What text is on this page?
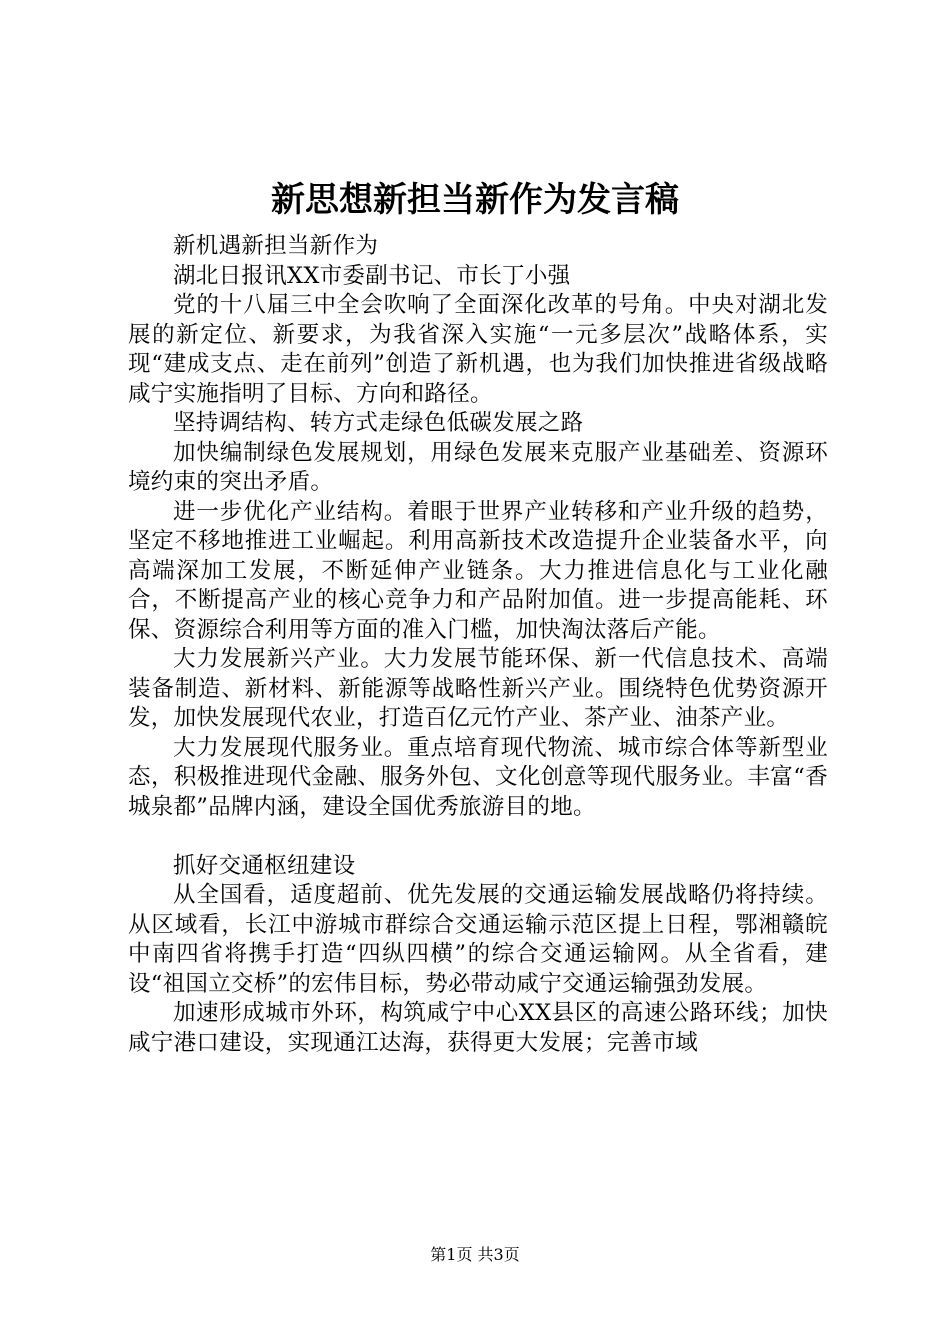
新思想新担当新作为发言稿

新机遇新担当新作为

湖北日报讯XX市委副书记、市长丁小强

党的十八届三中全会吹响了全面深化改革的号角。中央对湖北发展的新定位、新要求，为我省深入实施“一元多层次”战略体系，实现“建成支点、走在前列”创造了新机遇，也为我们加快推进省级战略咸宁实施指明了目标、方向和路径。

坚持调结构、转方式走绿色低碳发展之路

加快编制绿色发展规划，用绿色发展来克服产业基础差、资源环境约束的突出矛盾。

进一步优化产业结构。着眼于世界产业转移和产业升级的趋势，坚定不移地推进工业崛起。利用高新技术改造提升企业装备水平，向高端深加工发展，不断延伸产业链条。大力推进信息化与工业化融合，不断提高产业的核心竞争力和产品附加值。进一步提高能耗、环保、资源综合利用等方面的准入门槛，加快淘汰落后产能。

大力发展新兴产业。大力发展节能环保、新一代信息技术、高端装备制造、新材料、新能源等战略性新兴产业。围绕特色优势资源开发，加快发展现代农业，打造百亿元竹产业、茶产业、油茶产业。

大力发展现代服务业。重点培育现代物流、城市综合体等新型业态，积极推进现代金融、服务外包、文化创意等现代服务业。丰富“香城泉都”品牌内涵，建设全国优秀旅游目的地。

抓好交通枢纽建设

从全国看，适度超前、优先发展的交通运输发展战略仍将持续。从区域看，长江中游城市群综合交通运输示范区提上日程，鄂湘赣皖中南四省将携手打造“四纵四横”的综合交通运输网。从全省看，建设“祖国立交桥”的宏伟目标，势必带动咸宁交通运输强劲发展。

加速形成城市外环，构筑咸宁中心XX县区的高速公路环线；加快咸宁港口建设，实现通江达海，获得更大发展；完善市域

第1页 共3页
